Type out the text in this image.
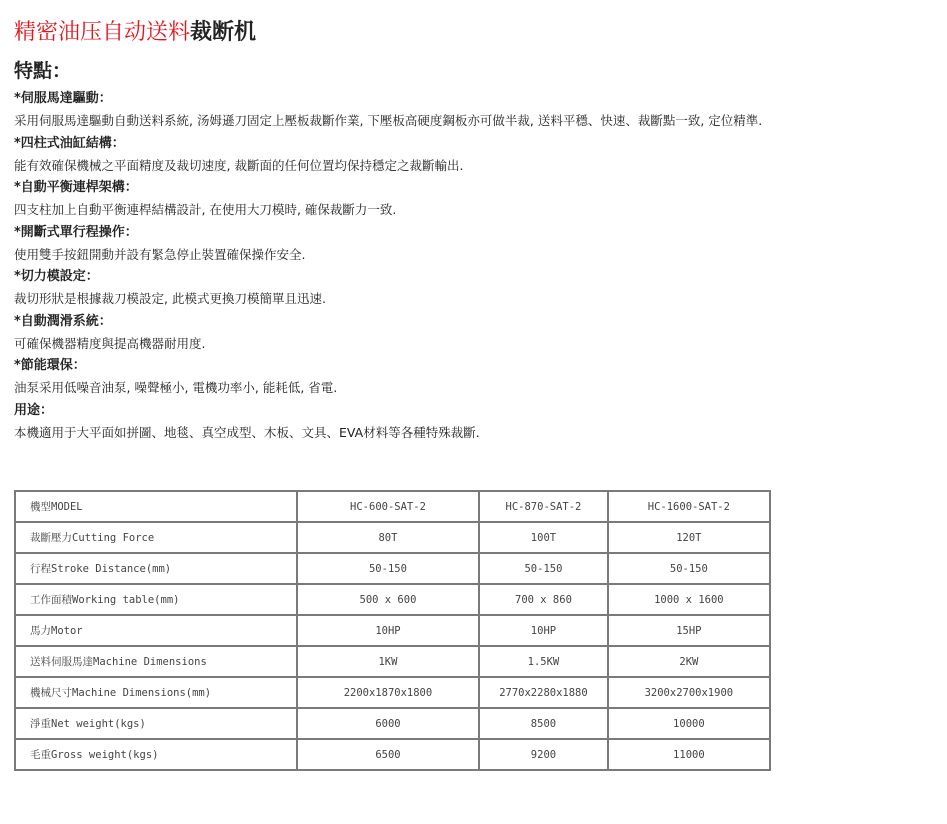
精密油压自动送料裁断机
特點：
*伺服馬達驅動：
采用伺服馬達驅動自動送料系統, 汤姆遜刀固定上壓板裁斷作業, 下壓板高硬度鋼板亦可做半裁, 送料平穩、快速、裁斷點一致, 定位精準.
*四柱式油缸結構：
能有效確保機械之平面精度及裁切速度, 裁斷面的任何位置均保持穩定之裁斷輸出.
*自動平衡連桿架構：
四支柱加上自動平衡連桿結構設計, 在使用大刀模時, 確保裁斷力一致.
*開斷式單行程操作：
使用雙手按鈕開動并設有緊急停止裝置確保操作安全.
*切力模設定：
裁切形狀是根據裁刀模設定, 此模式更換刀模簡單且迅速.
*自動潤滑系統：
可確保機器精度與提高機器耐用度.
*節能環保：
油泵采用低噪音油泵, 噪聲極小, 電機功率小, 能耗低, 省電.
用途：
本機適用于大平面如拼圖、地毯、真空成型、木板、文具、EVA材料等各種特殊裁斷.
機型MODEL	HC-600-SAT-2	HC-870-SAT-2	HC-1600-SAT-2
裁斷壓力Cutting Force	80T	100T	120T
行程Stroke Distance(mm)	50-150	50-150	50-150
工作面積Working table(mm)	500 x 600	700 x 860	1000 x 1600
馬力Motor	10HP	10HP	15HP
送料伺服馬達Machine Dimensions	1KW	1.5KW	2KW
機械尺寸Machine Dimensions(mm)	2200x1870x1800	2770x2280x1880	3200x2700x1900
淨重Net weight(kgs)	6000	8500	10000
毛重Gross weight(kgs)	6500	9200	11000
